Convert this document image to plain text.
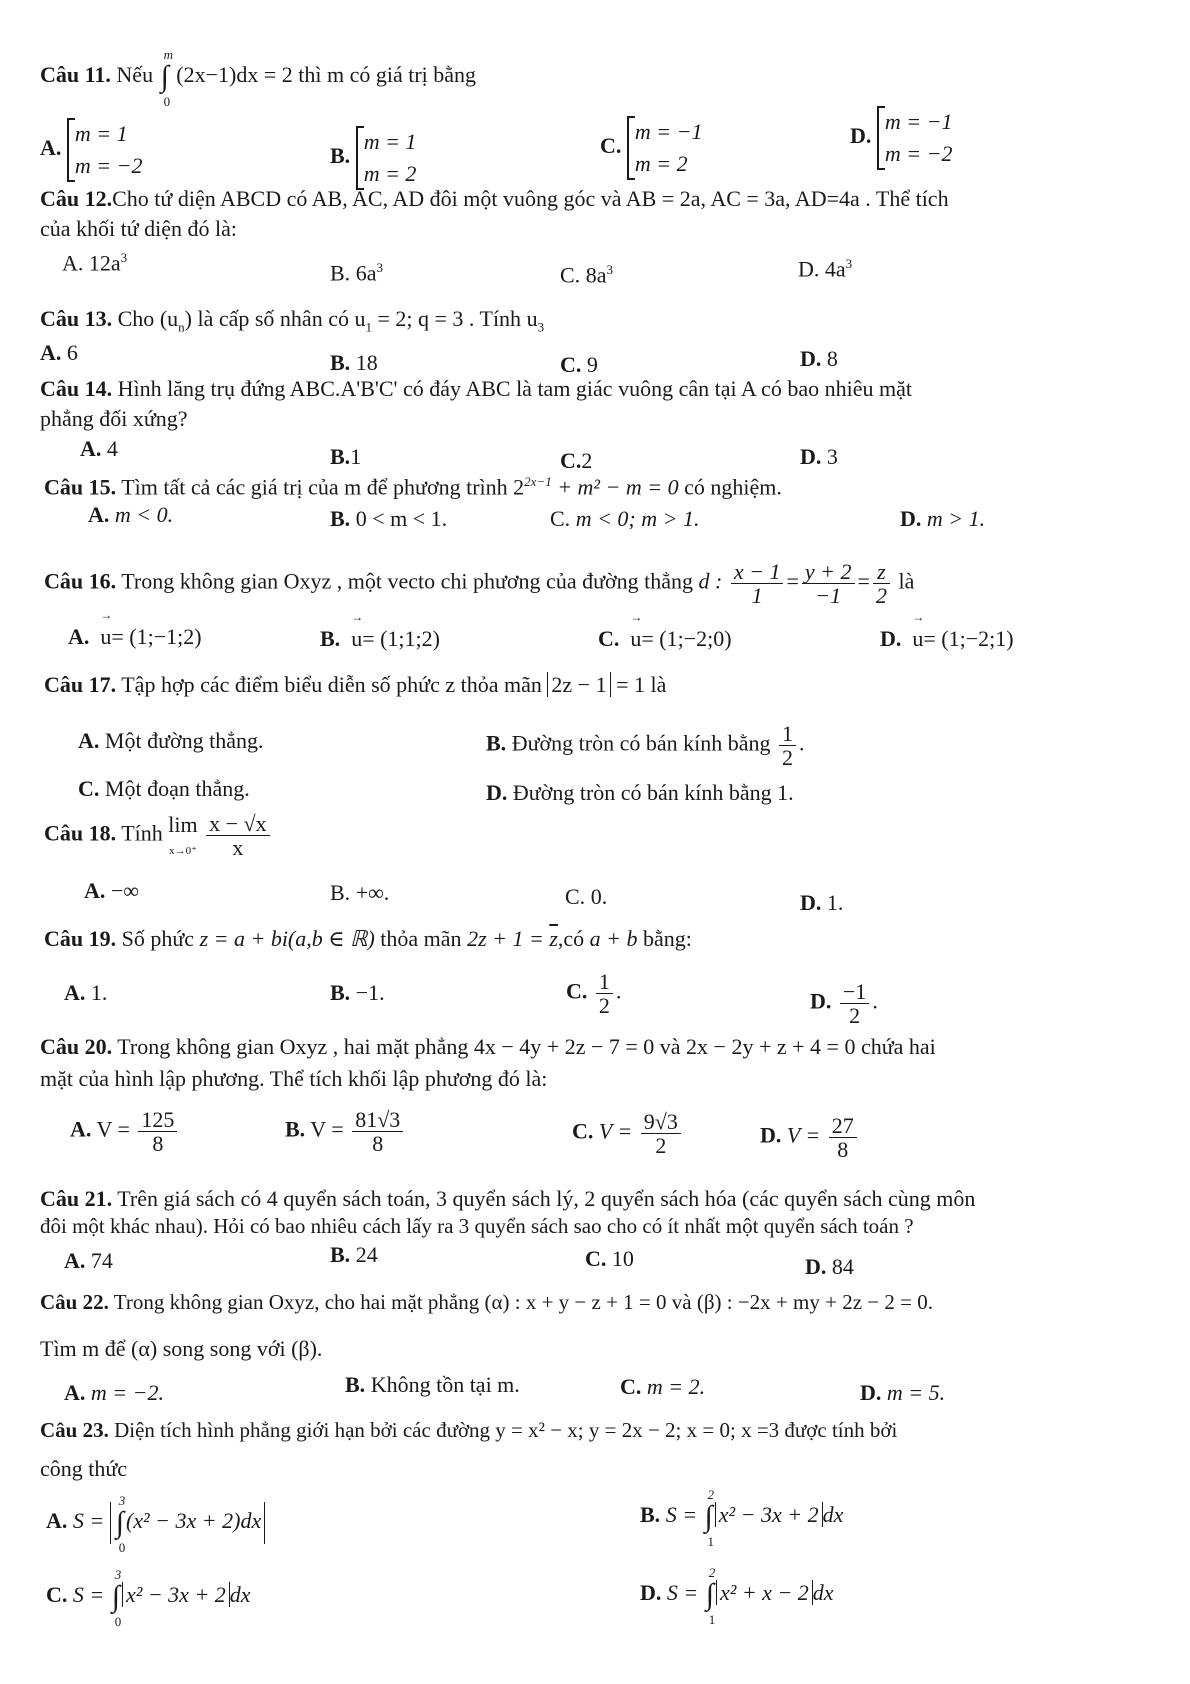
Câu 11. Nếu ∫
m
0
(2x−1)dx = 2 thì m có giá trị bằng
A.
m = 1
m = −2	B.
m = 1
m = 2
C.
m = −1
m = 2
D.
m = −1
m = −2
Câu 12.Cho tứ diện ABCD có AB, AC, AD đôi một vuông góc và AB = 2a, AC = 3a, AD=4a . Thể tích
của khối tứ diện đó là:
A. $12a^3$
B. $6a^3$	C. $8a^3$	D. $4a^3$
Câu 13. Cho $(u_n)$ là cấp số nhân có $u_1 = 2$; q = 3 . Tính $u_3$
A. 6	B. 18	C. 9	D. 8
Câu 14. Hình lăng trụ đứng ABC.A'B'C' có đáy ABC là tam giác vuông cân tại A có bao nhiêu mặt
phẳng đối xứng?
A. 4	B.1	C.2	D. 3
Câu 15. Tìm tất cả các giá trị của m để phương trình $2^{2x-1} + m^2 - m = 0$ có nghiệm.
A. m < 0.	B. 0 < m < 1.	C. m < 0; m > 1.	D. m > 1.
Câu 16. Trong không gian Oxyz , một vecto chi phương của đường thẳng d : $\frac{x - 1}{1} = \frac{y + 2}{-1} = \frac{z}{2}$ là
A. → u= (1;−1;2)	B. → u= (1;1;2)	C. → u= (1;−2;0)	D. → u= (1;−2;1)
Câu 17. Tập hợp các điểm biểu diễn số phức z thỏa mãn 2z − 1 = 1 là
A. Một đường thẳng.	B. Đường tròn có bán kính bằng $\frac{1}{2}$ .
C. Một đoạn thẳng.	D. Đường tròn có bán kính bằng 1.
Câu 18. Tính lim
$x\to 0^+ \frac{x - √x}{x}$
A. −∞	B. +∞.	C. 0.	D. 1.
Câu 19. Số phức z = a + bi(a,b ∈ ℝ) thỏa mãn $2z + 1 = \overline{z},có$ a + b bằng:
A. 1.	B. −1.	C. $\frac{1}{2}$ .	D. $\frac{-1}{2}$ .
Câu 20. Trong không gian Oxyz , hai mặt phẳng 4x − 4y + 2z − 7 = 0 và 2x − 2y + z + 4 = 0 chứa hai
mặt của hình lập phương. Thể tích khối lập phương đó là:
A. $V = \frac{125}{8}$	B. $V = \frac{81√3}{8}$	C. $V = \frac{9√3}{2}$	D. $V = \frac{27}{8}$
Câu 21. Trên giá sách có 4 quyển sách toán, 3 quyển sách lý, 2 quyển sách hóa (các quyển sách cùng môn
đôi một khác nhau). Hỏi có bao nhiêu cách lấy ra 3 quyển sách sao cho có ít nhất một quyển sách toán ?
A. 74	B. 24	C. 10	D. 84
Câu 22. Trong không gian Oxyz, cho hai mặt phẳng (α) : x + y − z + 1 = 0 và (β) : −2x + my + 2z − 2 = 0.
Tìm m để (α) song song với (β).
A. m = −2.	B. Không tồn tại m.	C. m = 2.	D. m = 5.
Câu 23. Diện tích hình phẳng giới hạn bởi các đường y = x² − x; y = 2x − 2; x = 0; x =3 được tính bởi
công thức
A. S = ∫
3
0
(x² − 3x + 2)dx	B. S = ∫
2
1
x² − 3x + 2 dx
C. S = ∫
3
0
x² − 3x + 2 dx	D. S = ∫
2
1
x² + x − 2 dx
